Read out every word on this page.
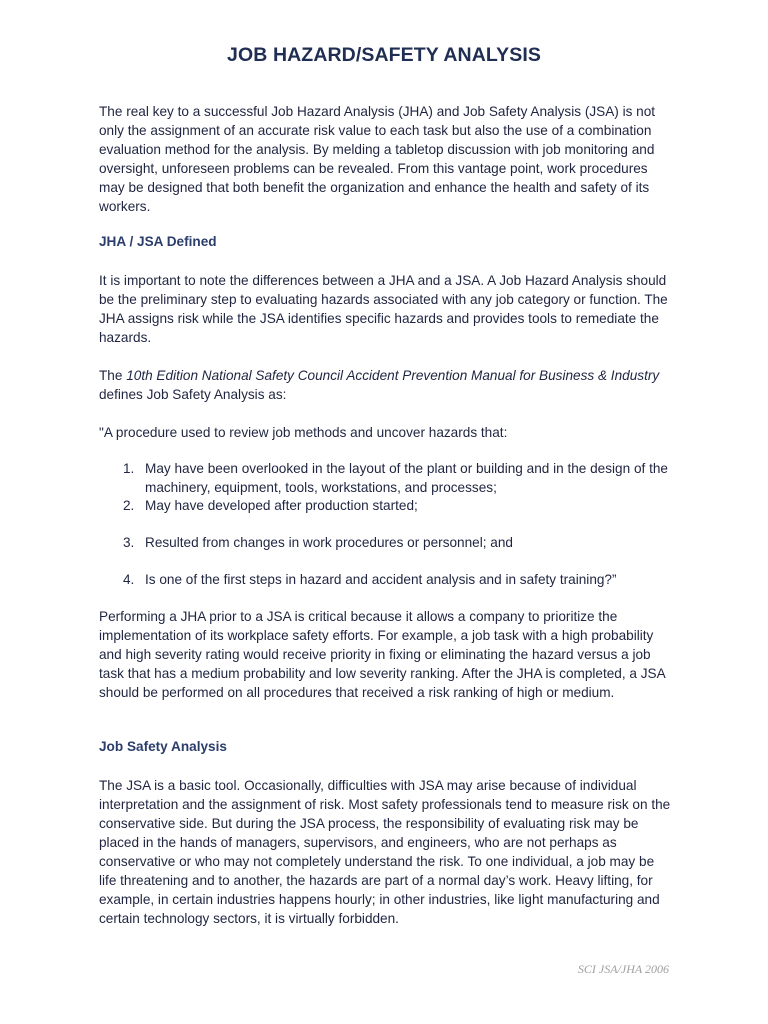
JOB HAZARD/SAFETY ANALYSIS

The real key to a successful Job Hazard Analysis (JHA) and Job Safety Analysis (JSA) is not only the assignment of an accurate risk value to each task but also the use of a combination evaluation method for the analysis. By melding a tabletop discussion with job monitoring and oversight, unforeseen problems can be revealed. From this vantage point, work procedures may be designed that both benefit the organization and enhance the health and safety of its workers.

JHA / JSA Defined

It is important to note the differences between a JHA and a JSA. A Job Hazard Analysis should be the preliminary step to evaluating hazards associated with any job category or function. The JHA assigns risk while the JSA identifies specific hazards and provides tools to remediate the hazards.

The 10th Edition National Safety Council Accident Prevention Manual for Business & Industry
defines Job Safety Analysis as:

"A procedure used to review job methods and uncover hazards that:

1. May have been overlooked in the layout of the plant or building and in the design of the machinery, equipment, tools, workstations, and processes;
2. May have developed after production started;
3. Resulted from changes in work procedures or personnel; and
4. Is one of the first steps in hazard and accident analysis and in safety training?”

Performing a JHA prior to a JSA is critical because it allows a company to prioritize the implementation of its workplace safety efforts. For example, a job task with a high probability and high severity rating would receive priority in fixing or eliminating the hazard versus a job task that has a medium probability and low severity ranking. After the JHA is completed, a JSA should be performed on all procedures that received a risk ranking of high or medium.

Job Safety Analysis

The JSA is a basic tool. Occasionally, difficulties with JSA may arise because of individual interpretation and the assignment of risk. Most safety professionals tend to measure risk on the conservative side. But during the JSA process, the responsibility of evaluating risk may be placed in the hands of managers, supervisors, and engineers, who are not perhaps as conservative or who may not completely understand the risk. To one individual, a job may be life threatening and to another, the hazards are part of a normal day’s work. Heavy lifting, for example, in certain industries happens hourly; in other industries, like light manufacturing and certain technology sectors, it is virtually forbidden.

SCI JSA/JHA 2006
